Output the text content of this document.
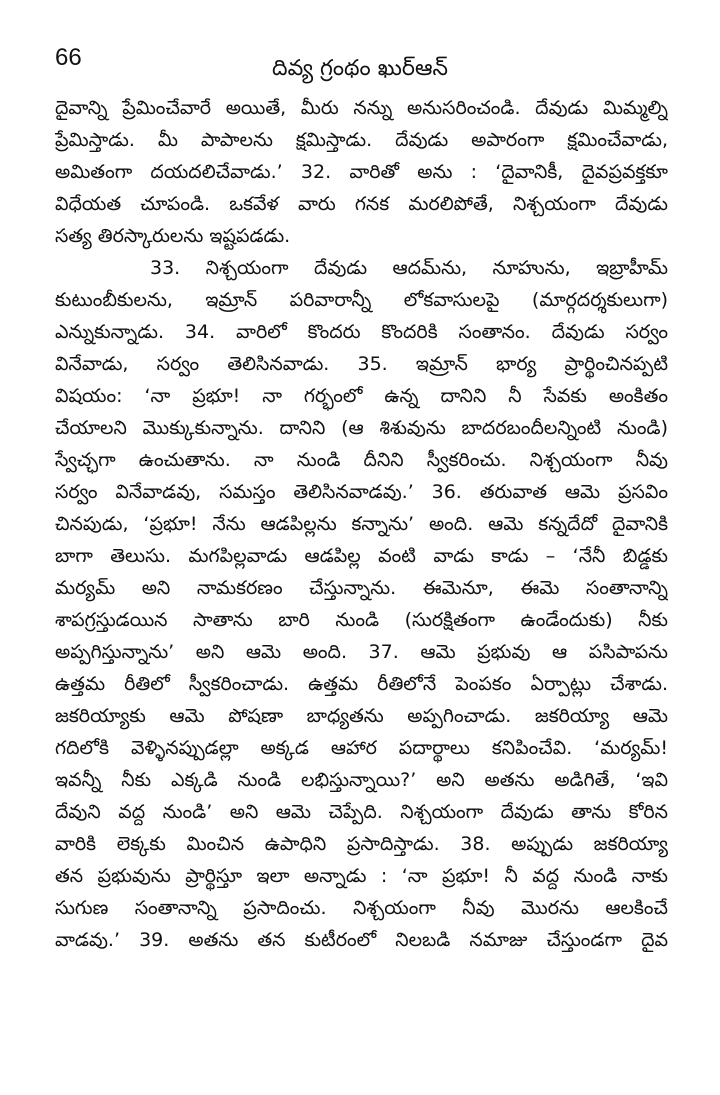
66	దివ్య గ్రంథం ఖుర్‌ఆన్
దైవాన్ని ప్రేమించేవారే అయితే, మీరు నన్ను అనుసరించండి. దేవుడు మిమ్మల్ని
ప్రేమిస్తాడు. మీ పాపాలను క్షమిస్తాడు. దేవుడు అపారంగా క్షమించేవాడు,
అమితంగా దయదలిచేవాడు.’ 32. వారితో అను : ‘దైవానికీ, దైవప్రవక్తకూ
విధేయత చూపండి. ఒకవేళ వారు గనక మరలిపోతే, నిశ్చయంగా దేవుడు
సత్య తిరస్కారులను ఇష్టపడడు.
33. నిశ్చయంగా దేవుడు ఆదమ్‌ను, నూహును, ఇబ్రాహీమ్
కుటుంబీకులను, ఇమ్రాన్ పరివారాన్నీ లోకవాసులపై (మార్గదర్శకులుగా)
ఎన్నుకున్నాడు. 34. వారిలో కొందరు కొందరికి సంతానం. దేవుడు సర్వం
వినేవాడు, సర్వం తెలిసినవాడు. 35. ఇమ్రాన్ భార్య ప్రార్థించినప్పటి
విషయం: ‘నా ప్రభూ! నా గర్భంలో ఉన్న దానిని నీ సేవకు అంకితం
చేయాలని మొక్కుకున్నాను. దానిని (ఆ శిశువును బాదరబందీలన్నింటి నుండి)
స్వేచ్ఛగా ఉంచుతాను. నా నుండి దీనిని స్వీకరించు. నిశ్చయంగా నీవు
సర్వం వినేవాడవు, సమస్తం తెలిసినవాడవు.’ 36. తరువాత ఆమె ప్రసవిం
చినపుడు, ‘ప్రభూ! నేను ఆడపిల్లను కన్నాను’ అంది. ఆమె కన్నదేదో దైవానికి
బాగా తెలుసు. మగపిల్లవాడు ఆడపిల్ల వంటి వాడు కాడు – ‘నేనీ బిడ్డకు
మర్యమ్ అని నామకరణం చేస్తున్నాను. ఈమెనూ, ఈమె సంతానాన్ని
శాపగ్రస్తుడయిన సాతాను బారి నుండి (సురక్షితంగా ఉండేందుకు) నీకు
అప్పగిస్తున్నాను’ అని ఆమె అంది. 37. ఆమె ప్రభువు ఆ పసిపాపను
ఉత్తమ రీతిలో స్వీకరించాడు. ఉత్తమ రీతిలోనే పెంపకం ఏర్పాట్లు చేశాడు.
జకరియ్యాకు ఆమె పోషణా బాధ్యతను అప్పగించాడు. జకరియ్యా ఆమె
గదిలోకి వెళ్ళినప్పుడల్లా అక్కడ ఆహార పదార్థాలు కనిపించేవి. ‘మర్యమ్!
ఇవన్నీ నీకు ఎక్కడి నుండి లభిస్తున్నాయి?’ అని అతను అడిగితే, ‘ఇవి
దేవుని వద్ద నుండి’ అని ఆమె చెప్పేది. నిశ్చయంగా దేవుడు తాను కోరిన
వారికి లెక్కకు మించిన ఉపాధిని ప్రసాదిస్తాడు. 38. అప్పుడు జకరియ్యా
తన ప్రభువును ప్రార్థిస్తూ ఇలా అన్నాడు : ‘నా ప్రభూ! నీ వద్ద నుండి నాకు
సుగుణ సంతానాన్ని ప్రసాదించు. నిశ్చయంగా నీవు మొరను ఆలకించే
వాడవు.’ 39. అతను తన కుటీరంలో నిలబడి నమాజు చేస్తుండగా దైవ
